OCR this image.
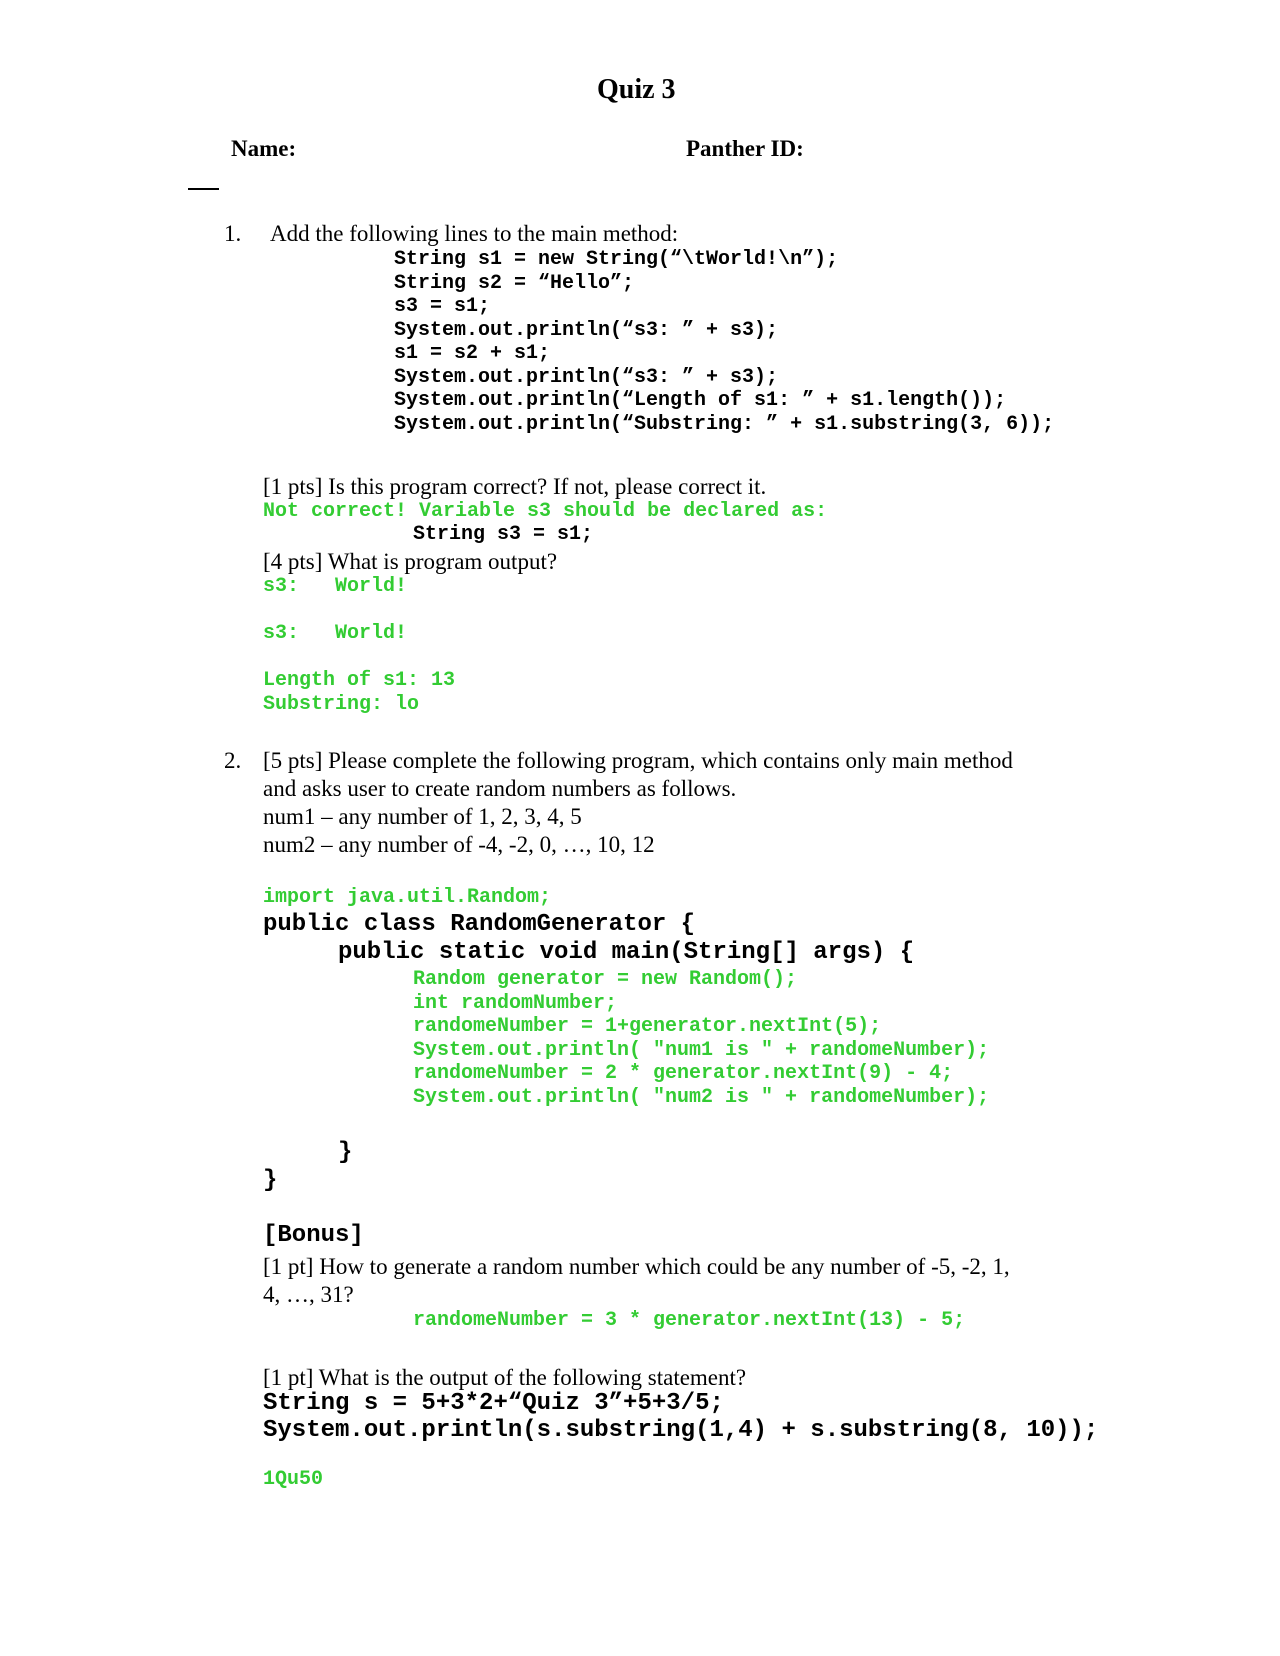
Quiz 3
Name:	Panther ID:
1. Add the following lines to the main method:
String s1 = new String(“\tWorld!\n”);
String s2 = “Hello”;
s3 = s1;
System.out.println(“s3: ” + s3);
s1 = s2 + s1;
System.out.println(“s3: ” + s3);
System.out.println(“Length of s1: ” + s1.length());
System.out.println(“Substring: ” + s1.substring(3, 6));
[1 pts] Is this program correct? If not, please correct it.
Not correct! Variable s3 should be declared as:
String s3 = s1;
[4 pts] What is program output?
s3:   World!
s3:   World!
Length of s1: 13
Substring: lo
2. [5 pts] Please complete the following program, which contains only main method
and asks user to create random numbers as follows.
num1 – any number of 1, 2, 3, 4, 5
num2 – any number of -4, -2, 0, …, 10, 12
import java.util.Random;
public class RandomGenerator {
public static void main(String[] args) {
Random generator = new Random();
int randomNumber;
randomeNumber = 1+generator.nextInt(5);
System.out.println( "num1 is " + randomeNumber);
randomeNumber = 2 * generator.nextInt(9) - 4;
System.out.println( "num2 is " + randomeNumber);
}
}
[Bonus]
[1 pt] How to generate a random number which could be any number of -5, -2, 1,
4, …, 31?
randomeNumber = 3 * generator.nextInt(13) - 5;
[1 pt] What is the output of the following statement?
String s = 5+3*2+“Quiz 3”+5+3/5;
System.out.println(s.substring(1,4) + s.substring(8, 10));
1Qu50
